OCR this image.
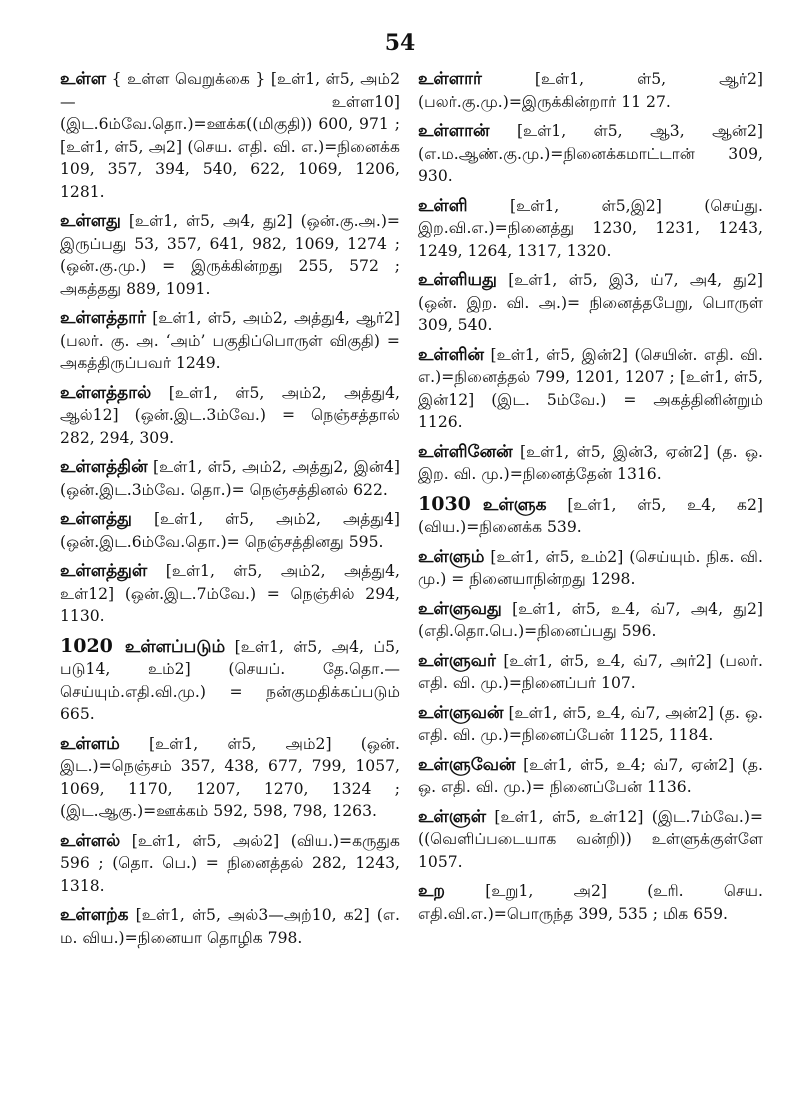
54
உள்ள { உள்ள வெறுக்கை } [உள்1, ள்5, அம்2 — உள்ள10] (இட.6ம்வே.தொ.)=ஊக்க((மிகுதி)) 600, 971 ; [உள்1, ள்5, அ2] (செய. எதி. வி. எ.)=நினைக்க 109, 357, 394, 540, 622, 1069, 1206, 1281.
உள்ளது [உள்1, ள்5, அ4, து2] (ஒன்.கு.அ.)= இருப்பது 53, 357, 641, 982, 1069, 1274 ; (ஒன்.கு.மு.) = இருக்கின்றது 255, 572 ; அகத்தது 889, 1091.
உள்ளத்தார் [உள்1, ள்5, அம்2, அத்து4, ஆர்2] (பலர். கு. அ. ‘அம்’ பகுதிப்பொருள் விகுதி) = அகத்திருப்பவர் 1249.
உள்ளத்தால் [உள்1, ள்5, அம்2, அத்து4, ஆல்12] (ஒன்.இட.3ம்வே.) = நெஞ்சத்தால் 282, 294, 309.
உள்ளத்தின் [உள்1, ள்5, அம்2, அத்து2, இன்4] (ஒன்.இட.3ம்வே. தொ.)= நெஞ்சத்தினல் 622.
உள்ளத்து [உள்1, ள்5, அம்2, அத்து4] (ஒன்.இட.6ம்வே.தொ.)= நெஞ்சத்தினது 595.
உள்ளத்துள் [உள்1, ள்5, அம்2, அத்து4, உள்12] (ஒன்.இட.7ம்வே.) = நெஞ்சில் 294, 1130.
1020 உள்ளப்படும் [உள்1, ள்5, அ4, ப்5, படு14, உம்2] (செயப். தே.தொ.—செய்யும்.எதி.வி.மு.) = நன்குமதிக்கப்படும் 665.
உள்ளம் [உள்1, ள்5, அம்2] (ஒன். இட.)=நெஞ்சம் 357, 438, 677, 799, 1057, 1069, 1170, 1207, 1270, 1324 ; (இட.ஆகு.)=ஊக்கம் 592, 598, 798, 1263.
உள்ளல் [உள்1, ள்5, அல்2] (விய.)=கருதுக 596 ; (தொ. பெ.) = நினைத்தல் 282, 1243, 1318.
உள்ளற்க [உள்1, ள்5, அல்3—அற்10, க2] (எ. ம. விய.)=நினையா தொழிக 798.
உள்ளார் [உள்1, ள்5, ஆர்2] (பலர்.கு.மு.)=இருக்கின்றார் 11 27.
உள்ளான் [உள்1, ள்5, ஆ3, ஆன்2] (எ.ம.ஆண்.கு.மு.)=நினைக்கமாட்டான் 309, 930.
உள்ளி [உள்1, ள்5,இ2] (செய்து. இற.வி.எ.)=நினைத்து 1230, 1231, 1243, 1249, 1264, 1317, 1320.
உள்ளியது [உள்1, ள்5, இ3, ய்7, அ4, து2] (ஒன். இற. வி. அ.)= நினைத்தபேறு, பொருள் 309, 540.
உள்ளின் [உள்1, ள்5, இன்2] (செயின். எதி. வி. எ.)=நினைத்தல் 799, 1201, 1207 ; [உள்1, ள்5, இன்12] (இட. 5ம்வே.) = அகத்தினின்றும் 1126.
உள்ளினேன் [உள்1, ள்5, இன்3, ஏன்2] (த. ஒ. இற. வி. மு.)=நினைத்தேன் 1316.
1030 உள்ளுக [உள்1, ள்5, உ4, க2] (விய.)=நினைக்க 539.
உள்ளும் [உள்1, ள்5, உம்2] (செய்யும். நிக. வி. மு.) = நினையாநின்றது 1298.
உள்ளுவது [உள்1, ள்5, உ4, வ்7, அ4, து2] (எதி.தொ.பெ.)=நினைப்பது 596.
உள்ளுவர் [உள்1, ள்5, உ4, வ்7, அர்2] (பலர். எதி. வி. மு.)=நினைப்பர் 107.
உள்ளுவன் [உள்1, ள்5, உ4, வ்7, அன்2] (த. ஒ. எதி. வி. மு.)=நினைப்பேன் 1125, 1184.
உள்ளுவேன் [உள்1, ள்5, உ4; வ்7, ஏன்2] (த. ஒ. எதி. வி. மு.)= நினைப்பேன் 1136.
உள்ளுள் [உள்1, ள்5, உள்12] (இட.7ம்வே.)=((வெளிப்படையாக வன்றி)) உள்ளுக்குள்ளே 1057.
உற [உறு1, அ2] (உரி. செய. எதி.வி.எ.)=பொருந்த 399, 535 ; மிக 659.
